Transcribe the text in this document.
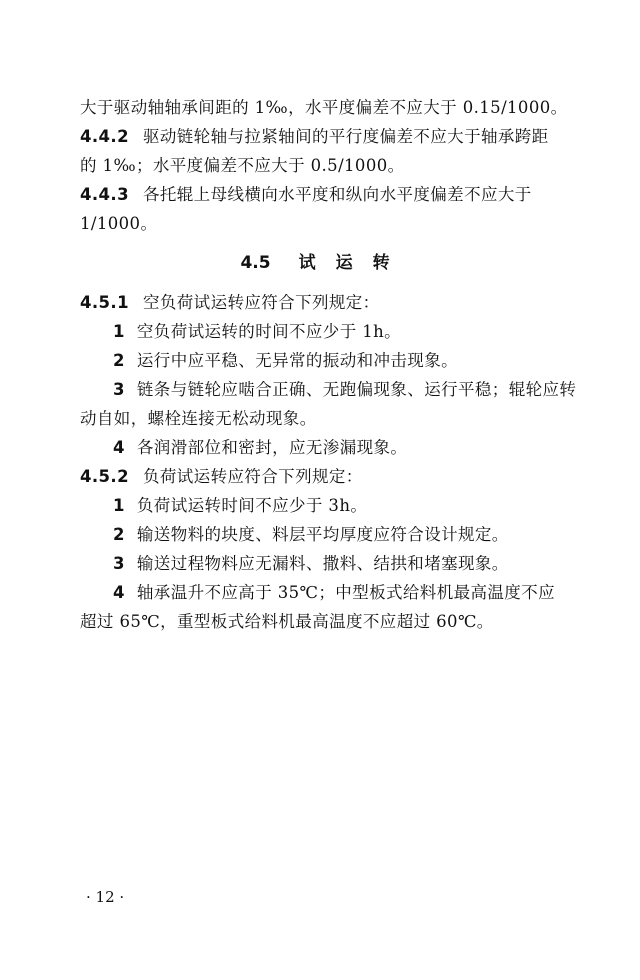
大于驱动轴轴承间距的 1‰，水平度偏差不应大于 0.15/1000。
4.4.2 驱动链轮轴与拉紧轴间的平行度偏差不应大于轴承跨距
的 1‰；水平度偏差不应大于 0.5/1000。
4.4.3 各托辊上母线横向水平度和纵向水平度偏差不应大于
1/1000。
4.5 试 运 转
4.5.1 空负荷试运转应符合下列规定：
1 空负荷试运转的时间不应少于 1h。
2 运行中应平稳、无异常的振动和冲击现象。
3 链条与链轮应啮合正确、无跑偏现象、运行平稳；辊轮应转
动自如，螺栓连接无松动现象。
4 各润滑部位和密封，应无渗漏现象。
4.5.2 负荷试运转应符合下列规定：
1 负荷试运转时间不应少于 3h。
2 输送物料的块度、料层平均厚度应符合设计规定。
3 输送过程物料应无漏料、撒料、结拱和堵塞现象。
4 轴承温升不应高于 35℃；中型板式给料机最高温度不应
超过 65℃，重型板式给料机最高温度不应超过 60℃。
· 12 ·
